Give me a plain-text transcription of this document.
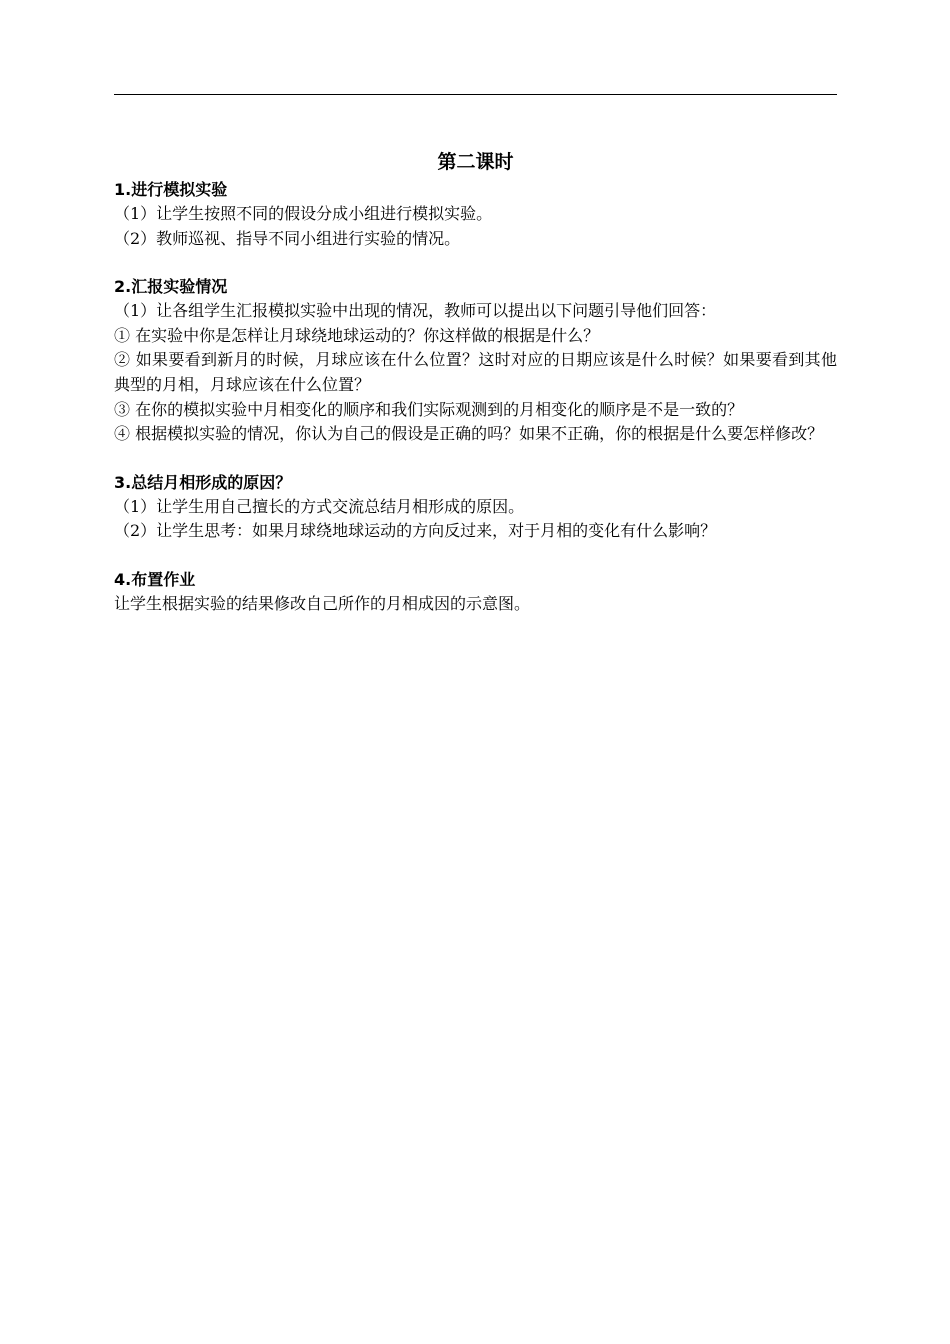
第二课时

1.进行模拟实验

（1）让学生按照不同的假设分成小组进行模拟实验。

（2）教师巡视、指导不同小组进行实验的情况。

2.汇报实验情况

（1）让各组学生汇报模拟实验中出现的情况，教师可以提出以下问题引导他们回答：

① 在实验中你是怎样让月球绕地球运动的？你这样做的根据是什么？

② 如果要看到新月的时候，月球应该在什么位置？这时对应的日期应该是什么时候？如果要看到其他典型的月相，月球应该在什么位置？

③ 在你的模拟实验中月相变化的顺序和我们实际观测到的月相变化的顺序是不是一致的？

④ 根据模拟实验的情况，你认为自己的假设是正确的吗？如果不正确，你的根据是什么要怎样修改？

3.总结月相形成的原因？

（1）让学生用自己擅长的方式交流总结月相形成的原因。

（2）让学生思考：如果月球绕地球运动的方向反过来，对于月相的变化有什么影响？

4.布置作业

让学生根据实验的结果修改自己所作的月相成因的示意图。
